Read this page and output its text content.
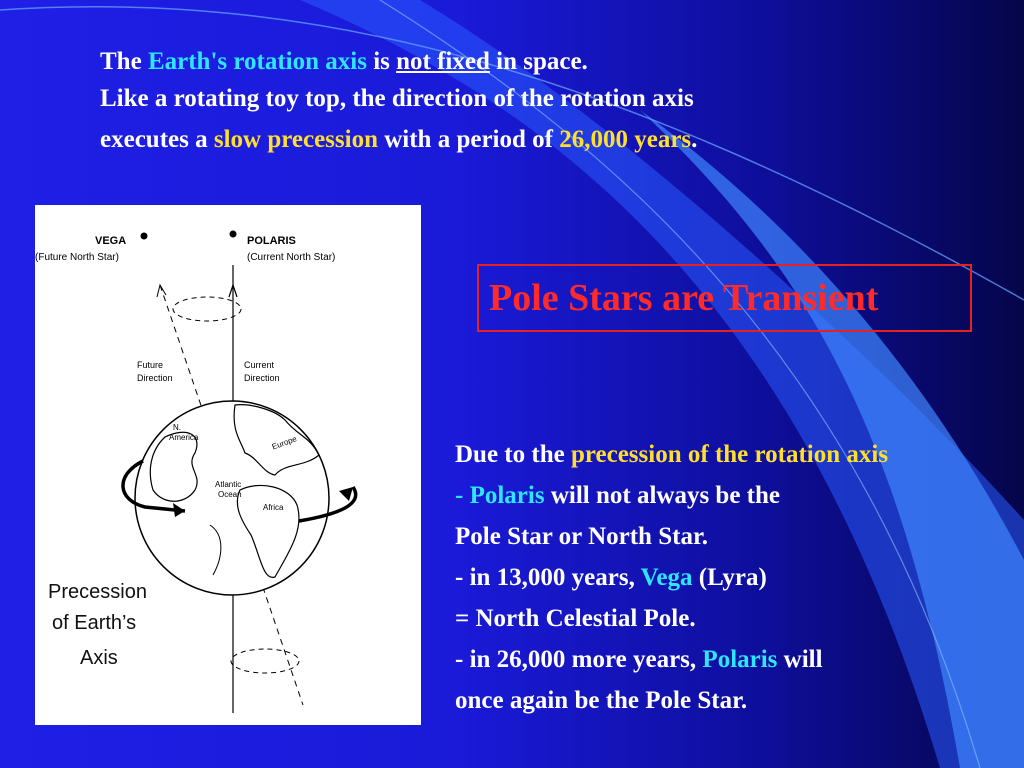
The Earth's rotation axis is not fixed in space.
Like a rotating toy top, the direction of the rotation axis
executes a slow precession with a period of 26,000 years.
VEGA
(Future North Star)
POLARIS
(Current North Star)
Future
Direction
Current
Direction
N.
America	Europe
Atlantic
Ocean
Africa
Precession
of Earth’s
Axis
Pole Stars are Transient
Due to the precession of the rotation axis
- Polaris will not always be the
Pole Star or North Star.
- in 13,000 years, Vega (Lyra)
= North Celestial Pole.
- in 26,000 more years, Polaris will
once again be the Pole Star.
